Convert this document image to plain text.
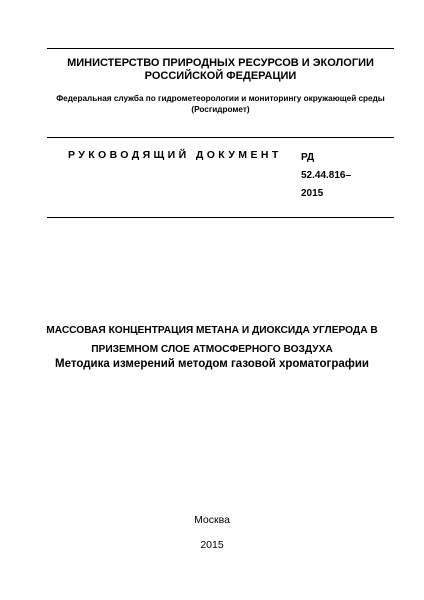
МИНИСТЕРСТВО ПРИРОДНЫХ РЕСУРСОВ И ЭКОЛОГИИ
РОССИЙСКОЙ ФЕДЕРАЦИИ
Федеральная служба по гидрометеорологии и мониторингу окружающей среды
(Росгидромет)
РУКОВОДЯЩИЙ ДОКУМЕНТ РД
52.44.816–
2015
МАССОВАЯ КОНЦЕНТРАЦИЯ МЕТАНА И ДИОКСИДА УГЛЕРОДА В
ПРИЗЕМНОМ СЛОЕ АТМОСФЕРНОГО ВОЗДУХА
Методика измерений методом газовой хроматографии
Москва
2015
